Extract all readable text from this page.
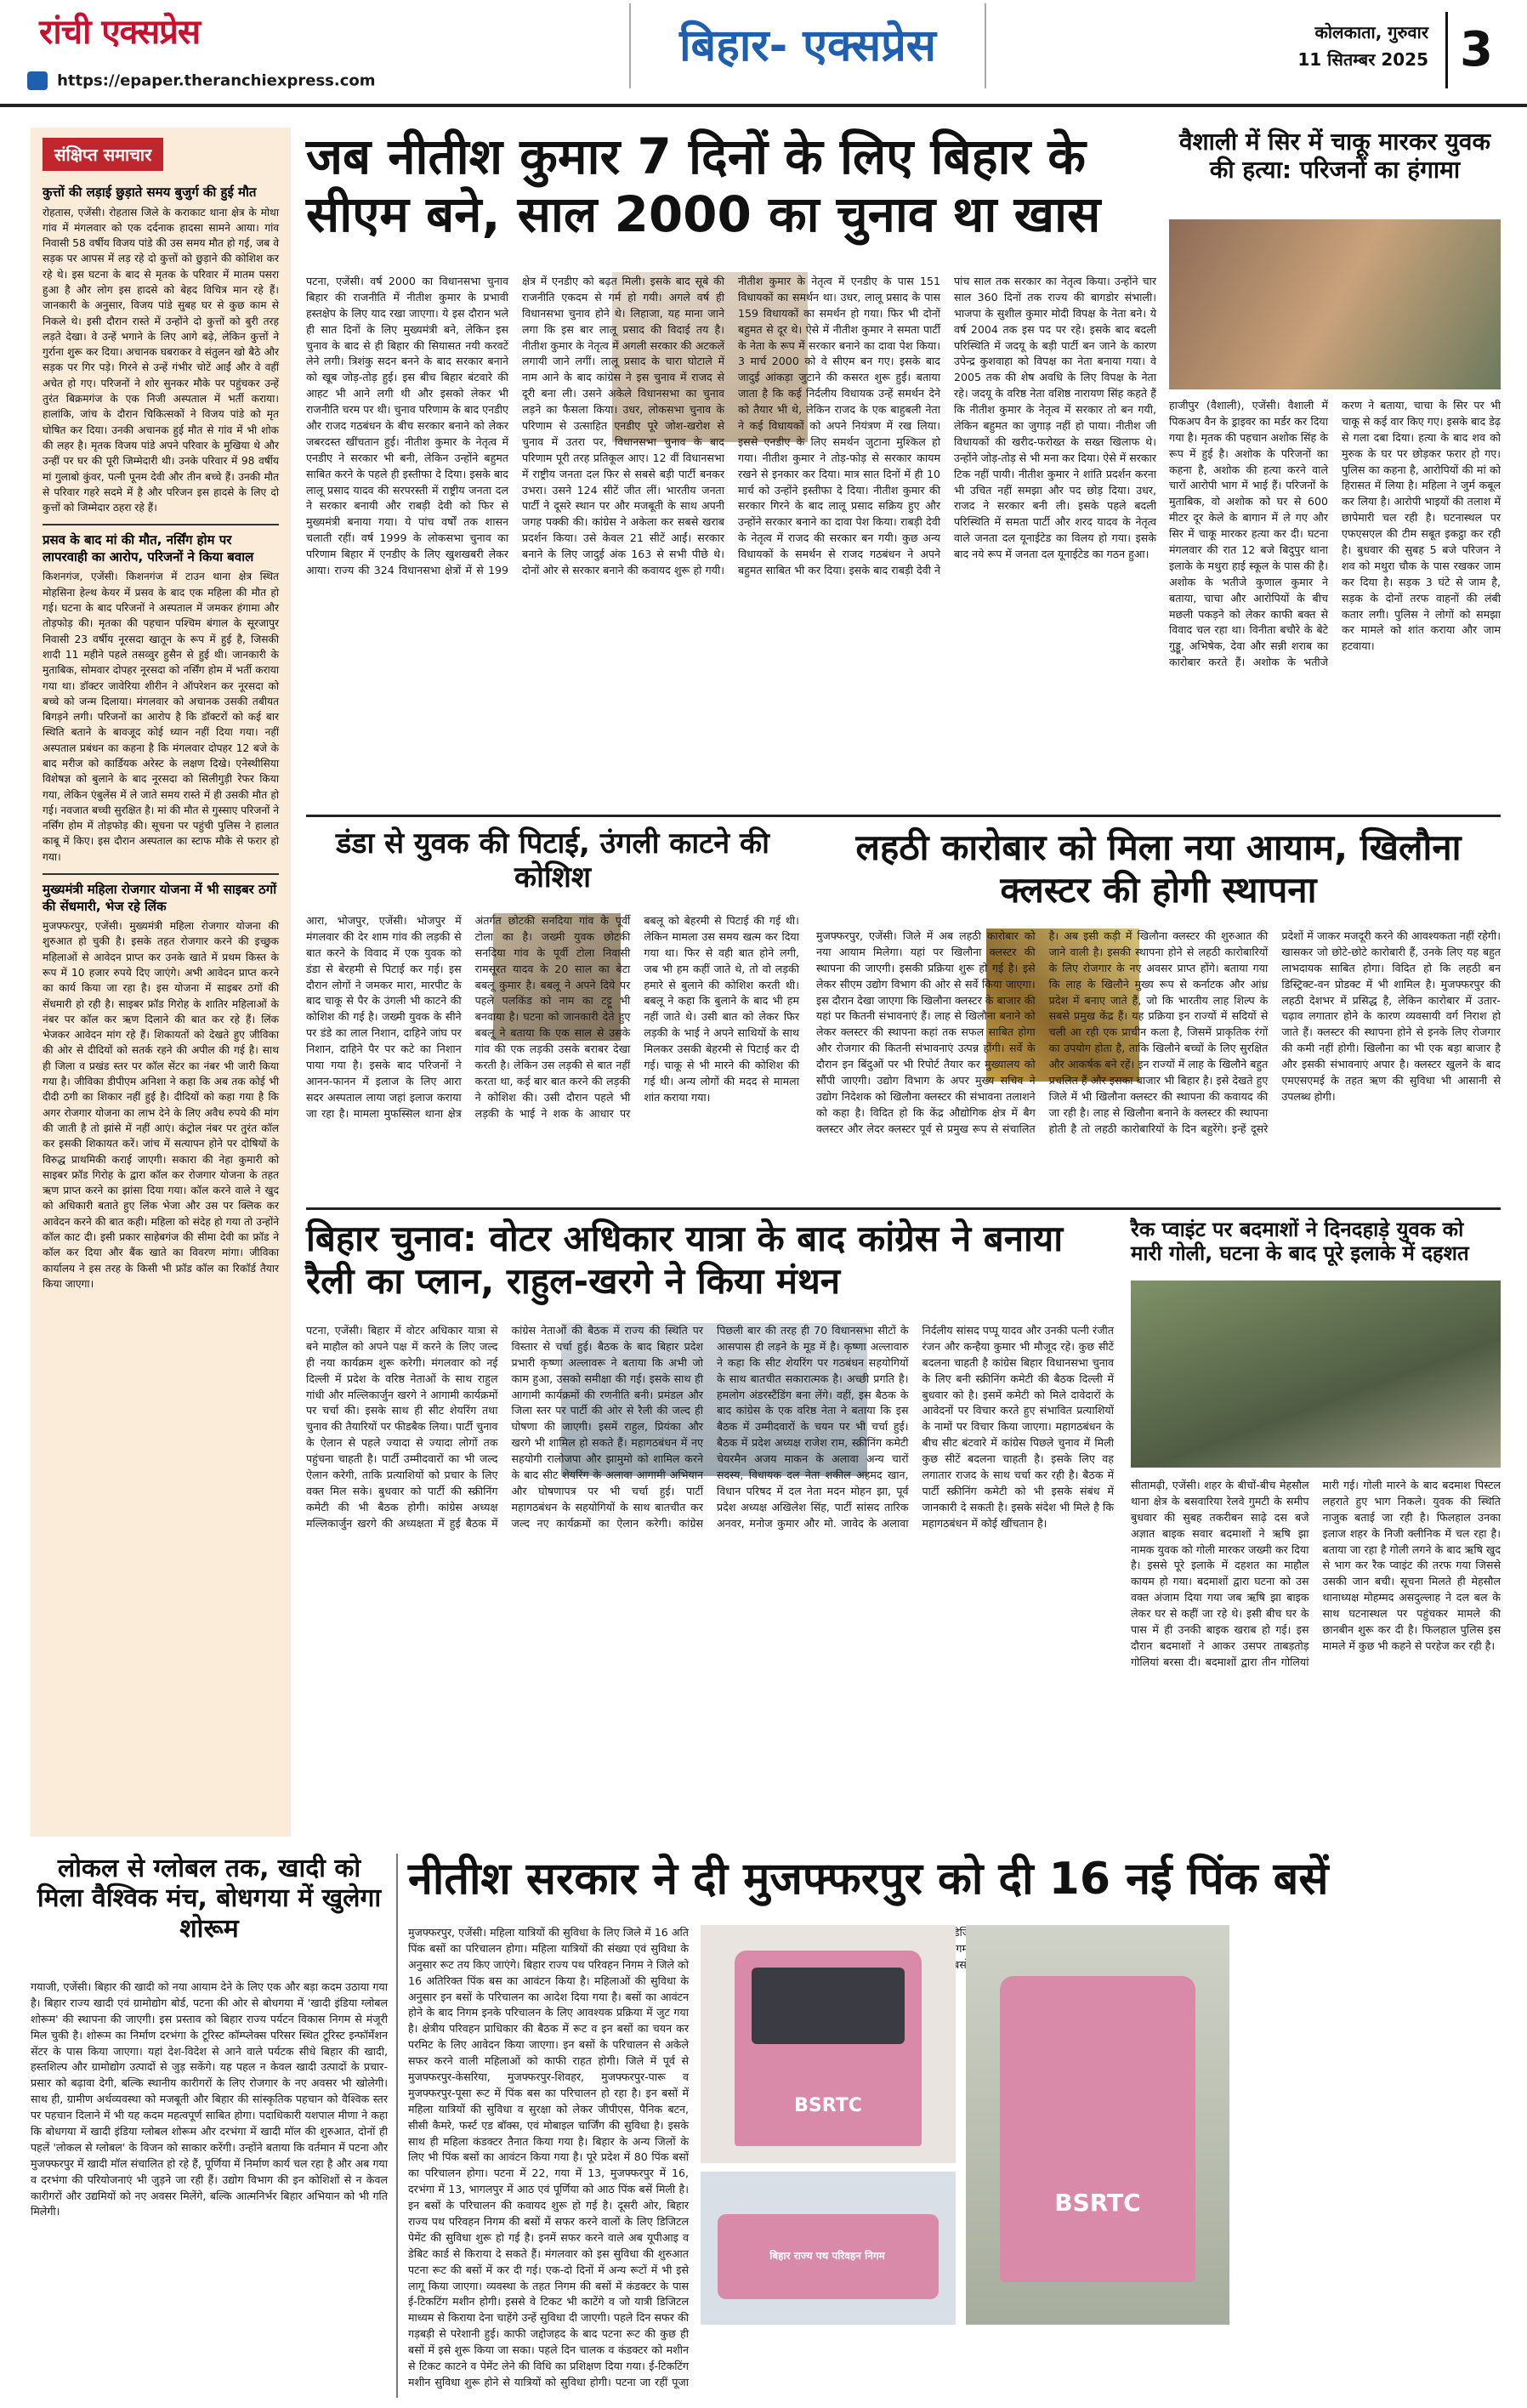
रांची एक्सप्रेस
https://epaper.theranchiexpress.com
बिहार- एक्सप्रेस	कोलकाता, गुरुवार
11 सितम्बर 2025 3
संक्षिप्त समाचार
कुत्तों की लड़ाई छुड़ाते समय बुजुर्ग की हुई मौत
रोहतास, एजेंसी। रोहतास जिले के कराकाट थाना क्षेत्र के मोथा गांव में मंगलवार को एक दर्दनाक हादसा सामने आया। गांव निवासी 58 वर्षीय विजय पांडे की उस समय मौत हो गई, जब वे सड़क पर आपस में लड़ रहे दो कुत्तों को छुड़ाने की कोशिश कर रहे थे। इस घटना के बाद से मृतक के परिवार में मातम पसरा हुआ है और लोग इस हादसे को बेहद विचित्र मान रहे हैं। जानकारी के अनुसार, विजय पांडे सुबह घर से कुछ काम से निकले थे। इसी दौरान रास्ते में उन्होंने दो कुत्तों को बुरी तरह लड़ते देखा। वे उन्हें भगाने के लिए आगे बढ़े, लेकिन कुत्तों ने गुर्राना शुरू कर दिया। अचानक घबराकर वे संतुलन खो बैठे और सड़क पर गिर पड़े। गिरने से उन्हें गंभीर चोटें आईं और वे वहीं अचेत हो गए। परिजनों ने शोर सुनकर मौके पर पहुंचकर उन्हें तुरंत बिक्रमगंज के एक निजी अस्पताल में भर्ती कराया। हालांकि, जांच के दौरान चिकित्सकों ने विजय पांडे को मृत घोषित कर दिया। उनकी अचानक हुई मौत से गांव में भी शोक की लहर है। मृतक विजय पांडे अपने परिवार के मुखिया थे और उन्हीं पर घर की पूरी जिम्मेदारी थी। उनके परिवार में 98 वर्षीय मां गुलाबो कुंवर, पत्नी पूनम देवी और तीन बच्चे हैं। उनकी मौत से परिवार गहरे सदमे में है और परिजन इस हादसे के लिए दो कुत्तों को जिम्मेदार ठहरा रहे हैं।
प्रसव के बाद मां की मौत, नर्सिंग होम पर लापरवाही का आरोप, परिजनों ने किया बवाल
किशनगंज, एजेंसी। किशनगंज में टाउन थाना क्षेत्र स्थित मोहसिना हेल्थ केयर में प्रसव के बाद एक महिला की मौत हो गई। घटना के बाद परिजनों ने अस्पताल में जमकर हंगामा और तोड़फोड़ की। मृतका की पहचान पश्चिम बंगाल के सूरजापुर निवासी 23 वर्षीय नूरसदा खातून के रूप में हुई है, जिसकी शादी 11 महीने पहले तसव्वुर हुसैन से हुई थी। जानकारी के मुताबिक, सोमवार दोपहर नूरसदा को नर्सिंग होम में भर्ती कराया गया था। डॉक्टर जावेरिया शीरीन ने ऑपरेशन कर नूरसदा को बच्चे को जन्म दिलाया। मंगलवार को अचानक उसकी तबीयत बिगड़ने लगी। परिजनों का आरोप है कि डॉक्टरों को कई बार स्थिति बताने के बावजूद कोई ध्यान नहीं दिया गया। नहीं अस्पताल प्रबंधन का कहना है कि मंगलवार दोपहर 12 बजे के बाद मरीज को कार्डियक अरेस्ट के लक्षण दिखे। एनेस्थीसिया विशेषज्ञ को बुलाने के बाद नूरसदा को सिलीगुड़ी रेफर किया गया, लेकिन एंबुलेंस में ले जाते समय रास्ते में ही उसकी मौत हो गई। नवजात बच्ची सुरक्षित है। मां की मौत से गुस्साए परिजनों ने नर्सिंग होम में तोड़फोड़ की। सूचना पर पहुंची पुलिस ने हालात काबू में किए। इस दौरान अस्पताल का स्टाफ मौके से फरार हो गया।
मुख्यमंत्री महिला रोजगार योजना में भी साइबर ठगों की सेंधमारी, भेज रहे लिंक
मुजफ्फरपुर, एजेंसी। मुख्यमंत्री महिला रोजगार योजना की शुरुआत हो चुकी है। इसके तहत रोजगार करने की इच्छुक महिलाओं से आवेदन प्राप्त कर उनके खाते में प्रथम किस्त के रूप में 10 हजार रुपये दिए जाएंगे। अभी आवेदन प्राप्त करने का कार्य किया जा रहा है। इस योजना में साइबर ठगों की सेंधमारी हो रही है। साइबर फ्रॉड गिरोह के शातिर महिलाओं के नंबर पर कॉल कर ऋण दिलाने की बात कर रहे हैं। लिंक भेजकर आवेदन मांग रहे हैं। शिकायतों को देखते हुए जीविका की ओर से दीदियों को सतर्क रहने की अपील की गई है। साथ ही जिला व प्रखंड स्तर पर कॉल सेंटर का नंबर भी जारी किया गया है। जीविका डीपीएम अनिशा ने कहा कि अब तक कोई भी दीदी ठगी का शिकार नहीं हुई है। दीदियों को कहा गया है कि अगर रोजगार योजना का लाभ देने के लिए अवैध रुपये की मांग की जाती है तो झांसे में नहीं आएं। कंट्रोल नंबर पर तुरंत कॉल कर इसकी शिकायत करें। जांच में सत्यापन होने पर दोषियों के विरुद्ध प्राथमिकी कराई जाएगी। सकारा की नेहा कुमारी को साइबर फ्रॉड गिरोह के द्वारा कॉल कर रोजगार योजना के तहत ऋण प्राप्त करने का झांसा दिया गया। कॉल करने वाले ने खुद को अधिकारी बताते हुए लिंक भेजा और उस पर क्लिक कर आवेदन करने की बात कही। महिला को संदेह हो गया तो उन्होंने कॉल काट दी। इसी प्रकार साहेबगंज की सीमा देवी का फ्रॉड ने कॉल कर दिया और बैंक खाते का विवरण मांगा। जीविका कार्यालय ने इस तरह के किसी भी फ्रॉड कॉल का रिकॉर्ड तैयार किया जाएगा।
जब नीतीश कुमार 7 दिनों के लिए बिहार के सीएम बने, साल 2000 का चुनाव था खास
पटना, एजेंसी। वर्ष 2000 का विधानसभा चुनाव बिहार की राजनीति में नीतीश कुमार के प्रभावी हस्तक्षेप के लिए याद रखा जाएगा। ये इस दौरान भले ही सात दिनों के लिए मुख्यमंत्री बने, लेकिन इस चुनाव के बाद से ही बिहार की सियासत नयी करवटें लेने लगी। त्रिशंकु सदन बनने के बाद सरकार बनाने को खूब जोड़-तोड़ हुई। इस बीच बिहार बंटवारे की आहट भी आने लगी थी और इसको लेकर भी राजनीति चरम पर थी। चुनाव परिणाम के बाद एनडीए और राजद गठबंधन के बीच सरकार बनाने को लेकर जबरदस्त खींचतान हुई। नीतीश कुमार के नेतृत्व में एनडीए ने सरकार भी बनी, लेकिन उन्होंने बहुमत साबित करने के पहले ही इस्तीफा दे दिया। इसके बाद लालू प्रसाद यादव की सरपरस्ती में राष्ट्रीय जनता दल ने सरकार बनायी और राबड़ी देवी को फिर से मुख्यमंत्री बनाया गया। ये पांच वर्षों तक शासन चलाती रहीं। वर्ष 1999 के लोकसभा चुनाव का परिणाम बिहार में एनडीए के लिए खुशखबरी लेकर आया। राज्य की 324 विधानसभा क्षेत्रों में से 199 क्षेत्र में एनडीए को बढ़त मिली। इसके बाद सूबे की राजनीति एकदम से गर्म हो गयी। अगले वर्ष ही विधानसभा चुनाव होने थे। लिहाजा, यह माना जाने लगा कि इस बार लालू प्रसाद की विदाई तय है। नीतीश कुमार के नेतृत्व में अगली सरकार की अटकलें लगायी जाने लगीं। लालू प्रसाद के चारा घोटाले में नाम आने के बाद कांग्रेस ने इस चुनाव में राजद से दूरी बना ली। उसने अकेले विधानसभा का चुनाव लड़ने का फैसला किया। उधर, लोकसभा चुनाव के परिणाम से उत्साहित एनडीए पूरे जोश-खरोश से चुनाव में उतरा पर, विधानसभा चुनाव के बाद परिणाम पूरी तरह प्रतिकूल आए। 12 वीं विधानसभा में राष्ट्रीय जनता दल फिर से सबसे बड़ी पार्टी बनकर उभरा। उसने 124 सीटें जीत लीं। भारतीय जनता पार्टी ने दूसरे स्थान पर और मजबूती के साथ अपनी जगह पक्की की। कांग्रेस ने अकेला कर सबसे खराब प्रदर्शन किया। उसे केवल 21 सीटें आईं। सरकार बनाने के लिए जादुई अंक 163 से सभी पीछे थे। दोनों ओर से सरकार बनाने की कवायद शुरू हो गयी। नीतीश कुमार के नेतृत्व में एनडीए के पास 151 विधायकों का समर्थन था। उधर, लालू प्रसाद के पास 159 विधायकों का समर्थन हो गया। फिर भी दोनों बहुमत से दूर थे। ऐसे में नीतीश कुमार ने समता पार्टी के नेता के रूप में सरकार बनाने का दावा पेश किया। 3 मार्च 2000 को वे सीएम बन गए। इसके बाद जादुई आंकड़ा जुटाने की कसरत शुरू हुई। बताया जाता है कि कई निर्दलीय विधायक उन्हें समर्थन देने को तैयार भी थे, लेकिन राजद के एक बाहुबली नेता ने कई विधायकों को अपने नियंत्रण में रख लिया। इससे एनडीए के लिए समर्थन जुटाना मुश्किल हो गया। नीतीश कुमार ने तोड़-फोड़ से सरकार कायम रखने से इनकार कर दिया। मात्र सात दिनों में ही 10 मार्च को उन्होंने इस्तीफा दे दिया। नीतीश कुमार की सरकार गिरने के बाद लालू प्रसाद सक्रिय हुए और उन्होंने सरकार बनाने का दावा पेश किया। राबड़ी देवी के नेतृत्व में राजद की सरकार बन गयी। कुछ अन्य विधायकों के समर्थन से राजद गठबंधन ने अपने बहुमत साबित भी कर दिया। इसके बाद राबड़ी देवी ने पांच साल तक सरकार का नेतृत्व किया। उन्होंने चार साल 360 दिनों तक राज्य की बागडोर संभाली। भाजपा के सुशील कुमार मोदी विपक्ष के नेता बने। ये वर्ष 2004 तक इस पद पर रहे। इसके बाद बदली परिस्थिति में जदयू के बड़ी पार्टी बन जाने के कारण उपेन्द्र कुशवाहा को विपक्ष का नेता बनाया गया। वे 2005 तक की शेष अवधि के लिए विपक्ष के नेता रहे। जदयू के वरिष्ठ नेता वशिष्ठ नारायण सिंह कहते हैं कि नीतीश कुमार के नेतृत्व में सरकार तो बन गयी, लेकिन बहुमत का जुगाड़ नहीं हो पाया। नीतीश जी विधायकों की खरीद-फरोख्त के सख्त खिलाफ थे। उन्होंने जोड़-तोड़ से भी मना कर दिया। ऐसे में सरकार टिक नहीं पायी। नीतीश कुमार ने शांति प्रदर्शन करना भी उचित नहीं समझा और पद छोड़ दिया। उधर, राजद ने सरकार बनी ली। इसके पहले बदली परिस्थिति में समता पार्टी और शरद यादव के नेतृत्व वाले जनता दल यूनाईटेड का विलय हो गया। इसके बाद नये रूप में जनता दल यूनाईटेड का गठन हुआ।
वैशाली में सिर में चाकू मारकर युवक की हत्या: परिजनों का हंगामा
हाजीपुर (वैशाली), एजेंसी। वैशाली में पिकअप वैन के ड्राइवर का मर्डर कर दिया गया है। मृतक की पहचान अशोक सिंह के रूप में हुई है। अशोक के परिजनों का कहना है, अशोक की हत्या करने वाले चारों आरोपी भाग में भाई हैं। परिजनों के मुताबिक, वो अशोक को घर से 600 मीटर दूर केले के बागान में ले गए और सिर में चाकू मारकर हत्या कर दी। घटना मंगलवार की रात 12 बजे बिदुपुर थाना इलाके के मथुरा हाई स्कूल के पास की है। अशोक के भतीजे कुणाल कुमार ने बताया, चाचा और आरोपियों के बीच मछली पकड़ने को लेकर काफी बक्त से विवाद चल रहा था। विनीता बचौरे के बेटे गुड्डू, अभिषेक, देवा और सन्नी शराब का कारोबार करते हैं। अशोक के भतीजे करण ने बताया, चाचा के सिर पर भी चाकू से कई वार किए गए। इसके बाद डेढ़ से गला दबा दिया। हत्या के बाद शव को मुरुक के घर पर छोड़कर फरार हो गए। पुलिस का कहना है, आरोपियों की मां को हिरासत में लिया है। महिला ने जुर्म कबूल कर लिया है। आरोपी भाइयों की तलाश में छापेमारी चल रही है। घटनास्थल पर एफएसएल की टीम सबूत इकट्ठा कर रही है। बुधवार की सुबह 5 बजे परिजन ने शव को मथुरा चौक के पास रखकर जाम कर दिया है। सड़क 3 घंटे से जाम है, सड़क के दोनों तरफ वाहनों की लंबी कतार लगी। पुलिस ने लोगों को समझा कर मामले को शांत कराया और जाम हटवाया।
डंडा से युवक की पिटाई, उंगली काटने की कोशिश
आरा, भोजपुर, एजेंसी। भोजपुर में मंगलवार की देर शाम गांव की लड़की से बात करने के विवाद में एक युवक को डंडा से बेरहमी से पिटाई कर गई। इस दौरान लोगों ने जमकर मारा, मारपीट के बाद चाकू से पैर के उंगली भी काटने की कोशिश की गई है। जख्मी युवक के सीने पर डंडे का लाल निशान, दाहिने जांघ पर निशान, दाहिने पैर पर कटे का निशान पाया गया है। इसके बाद परिजनों ने आनन-फानन में इलाज के लिए आरा सदर अस्पताल लाया जहां इलाज कराया जा रहा है। मामला मुफस्सिल थाना क्षेत्र अंतर्गत छोटकी सनदिया गांव के पूर्वी टोला का है। जख्मी युवक छोटकी सनदिया गांव के पूर्वी टोला निवासी रामसूरत यादव के 20 साल का बेटा बबलू कुमार है। बबलू ने अपने दिये पर पहले पलकिंड को नाम का टट्टू भी बनवाया है। घटना को जानकारी देते हुए बबलू ने बताया कि एक साल से उसके गांव की एक लड़की उसके बराबर देखा करती है। लेकिन उस लड़की से बात नहीं करता था, कई बार बात करने की लड़की ने कोशिश की। उसी दौरान पहले भी लड़की के भाई ने शक के आधार पर बबलू को बेहरमी से पिटाई की गई थी। लेकिन मामला उस समय खत्म कर दिया गया था। फिर से वही बात होने लगी, जब भी हम कहीं जाते थे, तो वो लड़की हमारे से बुलाने की कोशिश करती थी। बबलू ने कहा कि बुलाने के बाद भी हम नहीं जाते थे। उसी बात को लेकर फिर लड़की के भाई ने अपने साथियों के साथ मिलकर उसकी बेहरमी से पिटाई कर दी गई। चाकू से भी मारने की कोशिश की गई थी। अन्य लोगों की मदद से मामला शांत कराया गया।
लहठी कारोबार को मिला नया आयाम, खिलौना क्लस्टर की होगी स्थापना
मुजफ्फरपुर, एजेंसी। जिले में अब लहठी कारोबार को नया आयाम मिलेगा। यहां पर खिलौना क्लस्टर की स्थापना की जाएगी। इसकी प्रक्रिया शुरू हो गई है। इसे लेकर सीएम उद्योग विभाग की ओर से सर्वे किया जाएगा। इस दौरान देखा जाएगा कि खिलौना क्लस्टर के बाजार की यहां पर कितनी संभावनाएं हैं। लाह से खिलौना बनाने को लेकर क्लस्टर की स्थापना कहां तक सफल साबित होगा और रोजगार की कितनी संभावनाएं उत्पन्न होंगी। सर्वे के दौरान इन बिंदुओं पर भी रिपोर्ट तैयार कर मुख्यालय को सौंपी जाएगी। उद्योग विभाग के अपर मुख्य सचिव ने उद्योग निदेशक को खिलौना क्लस्टर की संभावना तलाशने को कहा है। विदित हो कि केंद्र औद्योगिक क्षेत्र में बैग क्लस्टर और लेदर क्लस्टर पूर्व से प्रमुख रूप से संचालित है। अब इसी कड़ी में खिलौना क्लस्टर की शुरुआत की जाने वाली है। इसकी स्थापना होने से लहठी कारोबारियों के लिए रोजगार के नए अवसर प्राप्त होंगे। बताया गया कि लाह के खिलौने मुख्य रूप से कर्नाटक और आंध्र प्रदेश में बनाए जाते हैं, जो कि भारतीय लाह शिल्प के सबसे प्रमुख केंद्र हैं। यह प्रक्रिया इन राज्यों में सदियों से चली आ रही एक प्राचीन कला है, जिसमें प्राकृतिक रंगों का उपयोग होता है, ताकि खिलौने बच्चों के लिए सुरक्षित और आकर्षक बने रहें। इन राज्यों में लाह के खिलौने बहुत प्रचलित हैं और इसका बाजार भी बिहार है। इसे देखते हुए जिले में भी खिलौना क्लस्टर की स्थापना की कवायद की जा रही है। लाह से खिलौना बनाने के क्लस्टर की स्थापना होती है तो लहठी कारोबारियों के दिन बहुरेंगे। इन्हें दूसरे प्रदेशों में जाकर मजदूरी करने की आवश्यकता नहीं रहेगी। खासकर जो छोटे-छोटे कारोबारी हैं, उनके लिए यह बहुत लाभदायक साबित होगा। विदित हो कि लहठी बन डिस्ट्रिक्ट-वन प्रोडक्ट में भी शामिल है। मुजफ्फरपुर की लहठी देशभर में प्रसिद्ध है, लेकिन कारोबार में उतार-चढ़ाव लगातार होने के कारण व्यवसायी वर्ग निराश हो जाते हैं। क्लस्टर की स्थापना होने से इनके लिए रोजगार की कमी नहीं होगी। खिलौना का भी एक बड़ा बाजार है और इसकी संभावनाएं अपार है। क्लस्टर खुलने के बाद एमएसएमई के तहत ऋण की सुविधा भी आसानी से उपलब्ध होगी।
बिहार चुनाव: वोटर अधिकार यात्रा के बाद कांग्रेस ने बनाया रैली का प्लान, राहुल-खरगे ने किया मंथन
पटना, एजेंसी। बिहार में वोटर अधिकार यात्रा से बने माहौल को अपने पक्ष में करने के लिए जल्द ही नया कार्यक्रम शुरू करेगी। मंगलवार को नई दिल्ली में प्रदेश के वरिष्ठ नेताओं के साथ राहुल गांधी और मल्लिकार्जुन खरगे ने आगामी कार्यक्रमों पर चर्चा की। इसके साथ ही सीट शेयरिंग तथा चुनाव की तैयारियों पर फीडबैक लिया। पार्टी चुनाव के ऐलान से पहले ज्यादा से ज्यादा लोगों तक पहुंचना चाहती है। पार्टी उम्मीदवारों का भी जल्द ऐलान करेगी, ताकि प्रत्याशियों को प्रचार के लिए वक्त मिल सके। बुधवार को पार्टी की स्क्रीनिंग कमेटी की भी बैठक होगी। कांग्रेस अध्यक्ष मल्लिकार्जुन खरगे की अध्यक्षता में हुई बैठक में कांग्रेस नेताओं की बैठक में राज्य की स्थिति पर विस्तार से चर्चा हुई। बैठक के बाद बिहार प्रदेश प्रभारी कृष्णा अल्लावरू ने बताया कि अभी जो काम हुआ, उसको समीक्षा की गई। इसके साथ ही आगामी कार्यक्रमों की रणनीति बनी। प्रमंडल और जिला स्तर पर पार्टी की ओर से रैली की जल्द ही घोषणा की जाएगी। इसमें राहुल, प्रियंका और खरगे भी शामिल हो सकते हैं। महागठबंधन में नए सहयोगी रालोजपा और झामुमो को शामिल करने के बाद सीट शेयरिंग के अलावा आगामी अभियान और घोषणापत्र पर भी चर्चा हुई। पार्टी महागठबंधन के सहयोगियों के साथ बातचीत कर जल्द नए कार्यक्रमों का ऐलान करेगी। कांग्रेस पिछली बार की तरह ही 70 विधानसभा सीटों के आसपास ही लड़ने के मूड में है। कृष्णा अल्लावारु ने कहा कि सीट शेयरिंग पर गठबंधन सहयोगियों के साथ बातचीत सकारात्मक है। अच्छी प्रगति है। हमलोग अंडरस्टैंडिंग बना लेंगे। वहीं, इस बैठक के बाद कांग्रेस के एक वरिष्ठ नेता ने बताया कि इस बैठक में उम्मीदवारों के चयन पर भी चर्चा हुई। बैठक में प्रदेश अध्यक्ष राजेश राम, स्क्रीनिंग कमेटी चेयरमैन अजय माकन के अलावा अन्य चारों सदस्य, विधायक दल नेता शकील अहमद खान, विधान परिषद में दल नेता मदन मोहन झा, पूर्व प्रदेश अध्यक्ष अखिलेश सिंह, पार्टी सांसद तारिक अनवर, मनोज कुमार और मो. जावेद के अलावा निर्दलीय सांसद पप्पू यादव और उनकी पत्नी रंजीत रंजन और कन्हैया कुमार भी मौजूद रहे। कुछ सीटें बदलना चाहती है कांग्रेस बिहार विधानसभा चुनाव के लिए बनी स्क्रीनिंग कमेटी की बैठक दिल्ली में बुधवार को है। इसमें कमेटी को मिले दावेदारों के आवेदनों पर विचार करते हुए संभावित प्रत्याशियों के नामों पर विचार किया जाएगा। महागठबंधन के बीच सीट बंटवारे में कांग्रेस पिछले चुनाव में मिली कुछ सीटें बदलना चाहती है। इसके लिए वह लगातार राजद के साथ चर्चा कर रही है। बैठक में पार्टी स्क्रीनिंग कमेटी को भी इसके संबंध में जानकारी दे सकती है। इसके संदेश भी मिले है कि महागठबंधन में कोई खींचतान है।
रैक प्वाइंट पर बदमाशों ने दिनदहाड़े युवक को मारी गोली, घटना के बाद पूरे इलाके में दहशत
सीतामढ़ी, एजेंसी। शहर के बीचों-बीच मेहसौल थाना क्षेत्र के बसवारिया रेलवे गुमटी के समीप बुधवार की सुबह तकरीबन साढ़े दस बजे अज्ञात बाइक सवार बदमाशों ने ऋषि झा नामक युवक को गोली मारकर जख्मी कर दिया है। इससे पूरे इलाके में दहशत का माहौल कायम हो गया। बदमाशों द्वारा घटना को उस वक्त अंजाम दिया गया जब ऋषि झा बाइक लेकर घर से कहीं जा रहे थे। इसी बीच घर के पास में ही उनकी बाइक खराब हो गई। इस दौरान बदमाशों ने आकर उसपर ताबड़तोड़ गोलियां बरसा दी। बदमाशों द्वारा तीन गोलियां मारी गई। गोली मारने के बाद बदमाश पिस्टल लहराते हुए भाग निकले। युवक की स्थिति नाजुक बताई जा रही है। फिलहाल उनका इलाज शहर के निजी क्लीनिक में चल रहा है। बताया जा रहा है गोली लगने के बाद ऋषि खुद से भाग कर रैक प्वाइंट की तरफ गया जिससे उसकी जान बची। सूचना मिलते ही मेहसौल थानाध्यक्ष मोहम्मद असदुल्लाह ने दल बल के साथ घटनास्थल पर पहुंचकर मामले की छानबीन शुरू कर दी है। फिलहाल पुलिस इस मामले में कुछ भी कहने से परहेज कर रही है।
लोकल से ग्लोबल तक, खादी को मिला वैश्विक मंच, बोधगया में खुलेगा शोरूम
गयाजी, एजेंसी। बिहार की खादी को नया आयाम देने के लिए एक और बड़ा कदम उठाया गया है। बिहार राज्य खादी एवं ग्रामोद्योग बोर्ड, पटना की ओर से बोधगया में 'खादी इंडिया ग्लोबल शोरूम' की स्थापना की जाएगी। इस प्रस्ताव को बिहार राज्य पर्यटन विकास निगम से मंजूरी मिल चुकी है। शोरूम का निर्माण दरभंगा के टूरिस्ट कॉम्प्लेक्स परिसर स्थित टूरिस्ट इन्फॉर्मेशन सेंटर के पास किया जाएगा। यहां देश-विदेश से आने वाले पर्यटक सीधे बिहार की खादी, हस्तशिल्प और ग्रामोद्योग उत्पादों से जुड़ सकेंगे। यह पहल न केवल खादी उत्पादों के प्रचार-प्रसार को बढ़ावा देगी, बल्कि स्थानीय कारीगरों के लिए रोजगार के नए अवसर भी खोलेगी। साथ ही, ग्रामीण अर्थव्यवस्था को मजबूती और बिहार की सांस्कृतिक पहचान को वैश्विक स्तर पर पहचान दिलाने में भी यह कदम महत्वपूर्ण साबित होगा। पदाधिकारी यशपाल मीणा ने कहा कि बोधगया में खादी इंडिया ग्लोबल शोरूम और दरभंगा में खादी मॉल की शुरुआत, दोनों ही पहलें 'लोकल से ग्लोबल' के विजन को साकार करेंगी। उन्होंने बताया कि वर्तमान में पटना और मुजफ्फरपुर में खादी मॉल संचालित हो रहे हैं, पूर्णिया में निर्माण कार्य चल रहा है और अब गया व दरभंगा की परियोजनाएं भी जुड़ने जा रही हैं। उद्योग विभाग की इन कोशिशों से न केवल कारीगरों और उद्यमियों को नए अवसर मिलेंगे, बल्कि आत्मनिर्भर बिहार अभियान को भी गति मिलेगी।
नीतीश सरकार ने दी मुजफ्फरपुर को दी 16 नई पिंक बसें
मुजफ्फरपुर, एजेंसी। महिला यात्रियों की सुविधा के लिए जिले में 16 अति पिंक बसों का परिचालन होगा। महिला यात्रियों की संख्या एवं सुविधा के अनुसार रूट तय किए जाएंगे। बिहार राज्य पथ परिवहन निगम ने जिले को 16 अतिरिक्त पिंक बस का आवंटन किया है। महिलाओं की सुविधा के अनुसार इन बसों के परिचालन का आदेश दिया गया है। बसों का आवंटन होने के बाद निगम इनके परिचालन के लिए आवश्यक प्रक्रिया में जुट गया है। क्षेत्रीय परिवहन प्राधिकार की बैठक में रूट व इन बसों का चयन कर परमिट के लिए आवेदन किया जाएगा। इन बसों के परिचालन से अकेले सफर करने वाली महिलाओं को काफी राहत होगी। जिले में पूर्व से मुजफ्फरपुर-केसरिया, मुजफ्फरपुर-शिवहर, मुजफ्फरपुर-पारू व मुजफ्फरपुर-पूसा रूट में पिंक बस का परिचालन हो रहा है। इन बसों में महिला यात्रियों की सुविधा व सुरक्षा को लेकर जीपीएस, पैनिक बटन, सीसी कैमरे, फर्स्ट एड बॉक्स, एवं मोबाइल चार्जिंग की सुविधा है। इसके साथ ही महिला कंडक्टर तैनात किया गया है। बिहार के अन्य जिलों के लिए भी पिंक बसों का आवंटन किया गया है। पूरे प्रदेश में 80 पिंक बसों का परिचालन होगा। पटना में 22, गया में 13, मुजफ्फरपुर में 16, दरभंगा में 13, भागलपुर में आठ एवं पूर्णिया को आठ पिंक बसें मिली है। इन बसों के परिचालन की कवायद शुरू हो गई है। दूसरी ओर, बिहार राज्य पथ परिवहन निगम की बसों में सफर करने वालों के लिए डिजिटल पेमेंट की सुविधा शुरू हो गई है। इनमें सफर करने वाले अब यूपीआइ व डेबिट कार्ड से किराया दे सकते हैं। मंगलवार को इस सुविधा की शुरुआत पटना रूट की बसों में कर दी गई। एक-दो दिनों में अन्य रूटों में भी इसे लागू किया जाएगा। व्यवस्था के तहत निगम की बसों में कंडक्टर के पास ई-टिकटिंग मशीन होगी। इससे वे टिकट भी काटेंगे व जो यात्री डिजिटल माध्यम से किराया देना चाहेंगे उन्हें सुविधा दी जाएगी। पहले दिन सफर की गड़बड़ी से परेशानी हुई। काफी जद्दोजहद के बाद पटना रूट की कुछ ही बसों में इसे शुरू किया जा सका। पहले दिन चालक व कंडक्टर को मशीन से टिकट काटने व पेमेंट लेने की विधि का प्रशिक्षण दिया गया। ई-टिकटिंग मशीन सुविधा शुरू होने से यात्रियों को सुविधा होगी। पटना जा रहीं पूजा निगम बसों
BSRTC
बिहार राज्य पथ परिवहन निगम
BSRTC
